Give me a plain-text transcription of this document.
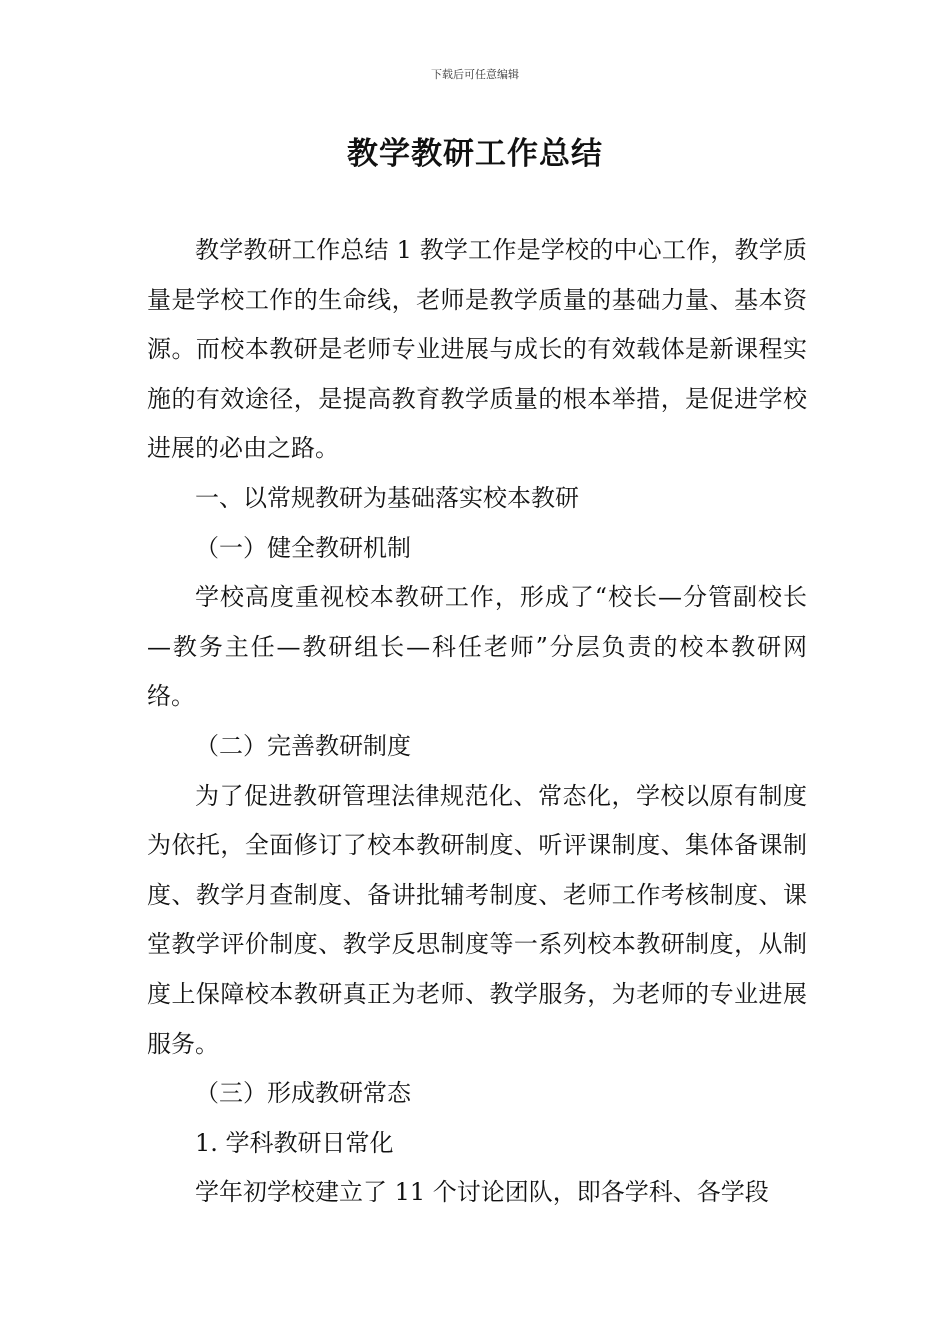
下载后可任意编辑
教学教研工作总结

教学教研工作总结 1 教学工作是学校的中心工作，教学质量是学校工作的生命线，老师是教学质量的基础力量、基本资源。而校本教研是老师专业进展与成长的有效载体是新课程实施的有效途径，是提高教育教学质量的根本举措，是促进学校进展的必由之路。

一、以常规教研为基础落实校本教研

（一）健全教研机制

学校高度重视校本教研工作，形成了“校长—分管副校长—教务主任—教研组长—科任老师”分层负责的校本教研网络。

（二）完善教研制度

为了促进教研管理法律规范化、常态化，学校以原有制度为依托，全面修订了校本教研制度、听评课制度、集体备课制度、教学月查制度、备讲批辅考制度、老师工作考核制度、课堂教学评价制度、教学反思制度等一系列校本教研制度，从制度上保障校本教研真正为老师、教学服务，为老师的专业进展服务。

（三）形成教研常态

1. 学科教研日常化

学年初学校建立了 11 个讨论团队，即各学科、各学段
